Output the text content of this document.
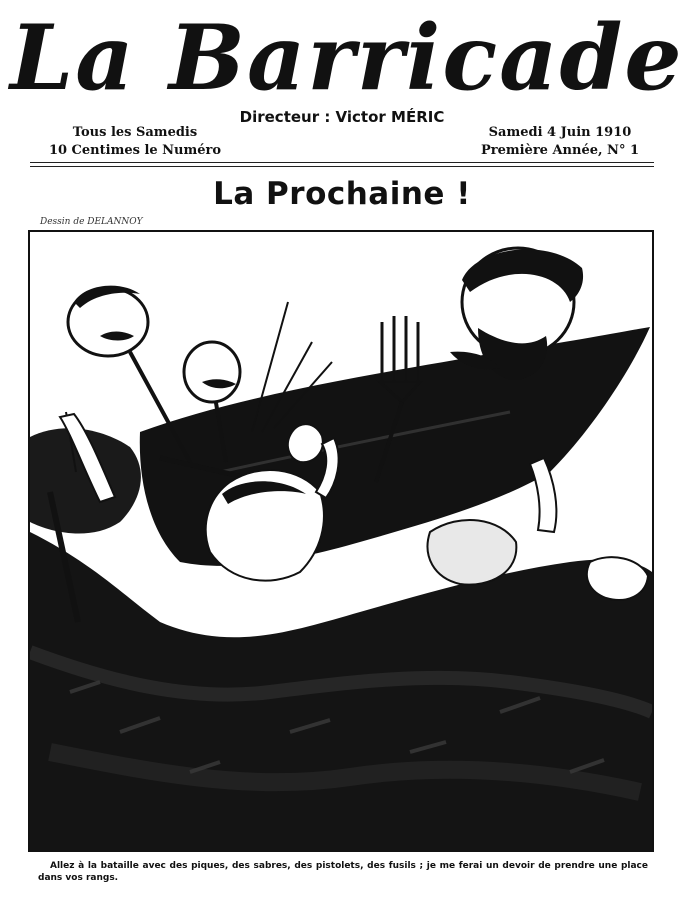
La Barricade
Directeur : Victor MÉRIC
Tous les Samedis
10 Centimes le Numéro
Samedi 4 Juin 1910
Première Année, N° 1
La Prochaine !
Dessin de DELANNOY
Allez à la bataille avec des piques, des sabres, des pistolets, des fusils ; je me ferai un devoir de prendre une place dans vos rangs.
